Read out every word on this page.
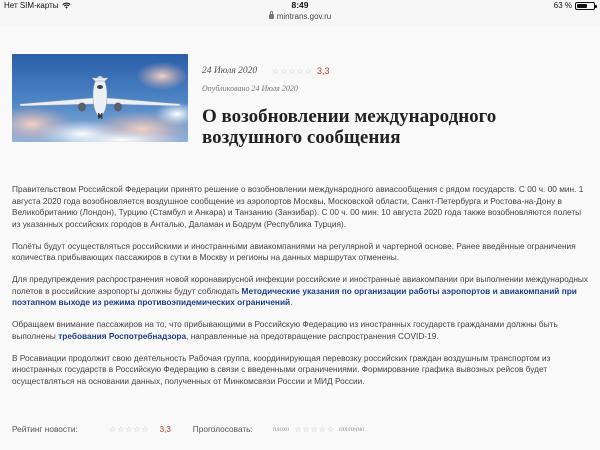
Нет SIM-карты	8:49	63 %
mintrans.gov.ru
24 Июля 2020 ☆ ☆ ☆ ☆ ☆ 3,3
Опубликовано 24 Июля 2020
О возобновлении международного воздушного сообщения

Правительством Российской Федерации принято решение о возобновлении международного авиасообщения с рядом государств. С 00 ч. 00 мин. 1 августа 2020 года возобновляется воздушное сообщение из аэропортов Москвы, Московской области, Санкт-Петербурга и Ростова-на-Дону в Великобританию (Лондон), Турцию (Стамбул и Анкара) и Танзанию (Занзибар). С 00 ч. 00 мин. 10 августа 2020 года также возобновляются полеты из указанных российских городов в Анталью, Даламан и Бодрум (Республика Турция).

Полёты будут осуществляться российскими и иностранными авиакомпаниями на регулярной и чартерной основе. Ранее введённые ограничения количества прибывающих пассажиров в сутки в Москву и регионы на данных маршрутах отменены.

Для предупреждения распространения новой коронавирусной инфекции российские и иностранные авиакомпании при выполнении международных полетов в российские аэропорты должны будут соблюдать Методические указания по организации работы аэропортов и авиакомпаний при поэтапном выходе из режима противоэпидемических ограничений.

Обращаем внимание пассажиров на то, что прибывающими в Российскую Федерацию из иностранных государств гражданами должны быть выполнены требования Роспотребнадзора, направленные на предотвращение распространения COVID-19.

В Росавиации продолжит свою деятельность Рабочая группа, координирующая перевозку российских граждан воздушным транспортом из иностранных государств в Российскую Федерацию в связи с введенными ограничениями. Формирование графика вывозных рейсов будет осуществляться на основании данных, полученных от Минкомсвязи России и МИД России.

Рейтинг новости:	☆ ☆ ☆ ☆ ☆ 3,3	Проголосовать:	плохо ☆ ☆ ☆ ☆ ☆ отлично
